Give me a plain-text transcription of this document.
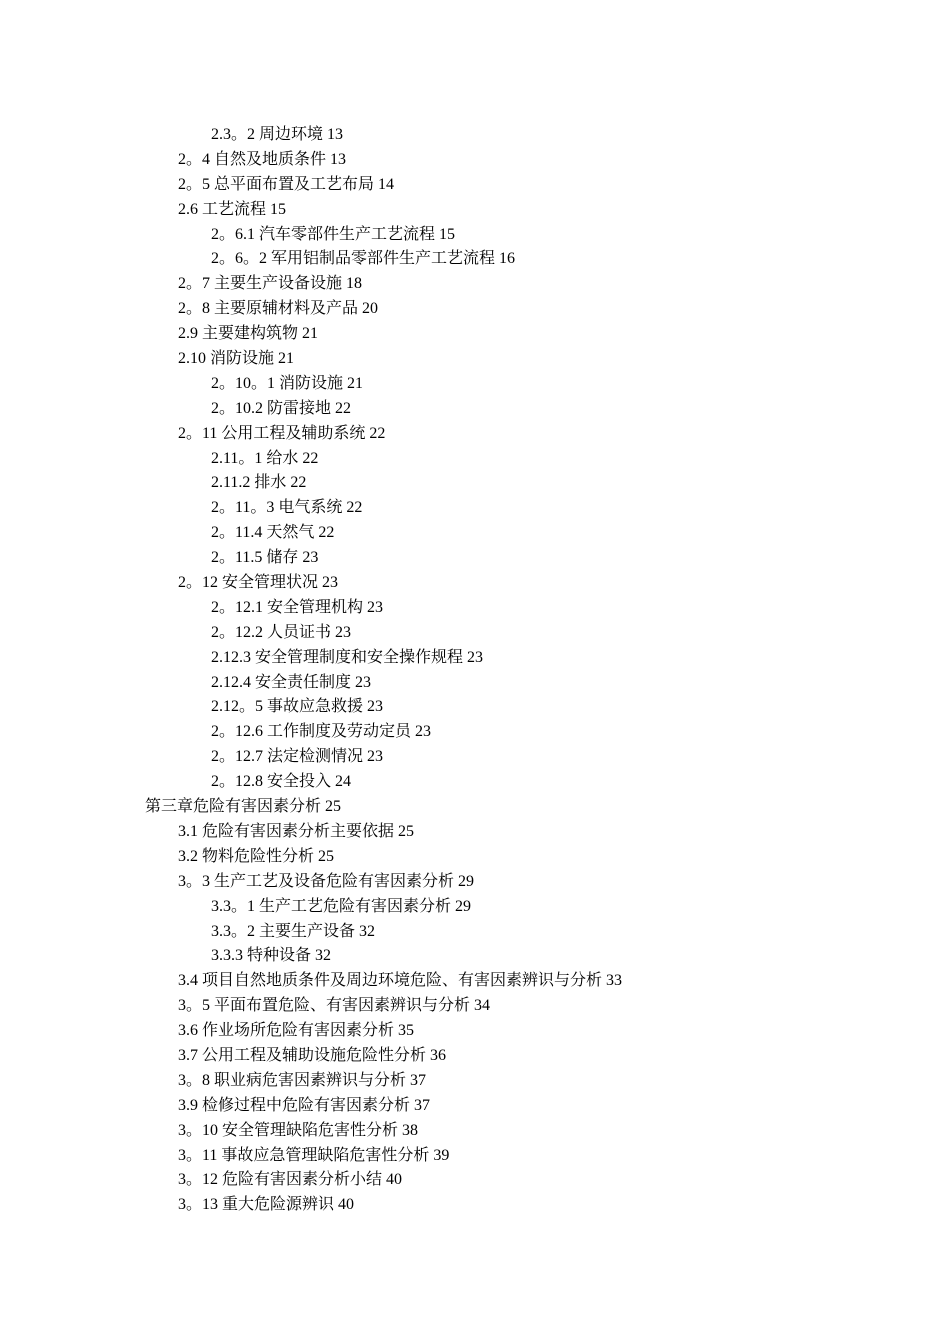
2.3。2 周边环境 13
2。4 自然及地质条件 13
2。5 总平面布置及工艺布局 14
2.6 工艺流程 15
2。6.1 汽车零部件生产工艺流程 15
2。6。2 军用铝制品零部件生产工艺流程 16
2。7 主要生产设备设施 18
2。8 主要原辅材料及产品 20
2.9 主要建构筑物 21
2.10 消防设施 21
2。10。1 消防设施 21
2。10.2 防雷接地 22
2。11 公用工程及辅助系统 22
2.11。1 给水 22
2.11.2 排水 22
2。11。3 电气系统 22
2。11.4 天然气 22
2。11.5 储存 23
2。12 安全管理状况 23
2。12.1 安全管理机构 23
2。12.2 人员证书 23
2.12.3 安全管理制度和安全操作规程 23
2.12.4 安全责任制度 23
2.12。5 事故应急救援 23
2。12.6 工作制度及劳动定员 23
2。12.7 法定检测情况 23
2。12.8 安全投入 24
第三章危险有害因素分析 25
3.1 危险有害因素分析主要依据 25
3.2 物料危险性分析 25
3。3 生产工艺及设备危险有害因素分析 29
3.3。1 生产工艺危险有害因素分析 29
3.3。2 主要生产设备 32
3.3.3 特种设备 32
3.4 项目自然地质条件及周边环境危险、有害因素辨识与分析 33
3。5 平面布置危险、有害因素辨识与分析 34
3.6 作业场所危险有害因素分析 35
3.7 公用工程及辅助设施危险性分析 36
3。8 职业病危害因素辨识与分析 37
3.9 检修过程中危险有害因素分析 37
3。10 安全管理缺陷危害性分析 38
3。11 事故应急管理缺陷危害性分析 39
3。12 危险有害因素分析小结 40
3。13 重大危险源辨识 40
